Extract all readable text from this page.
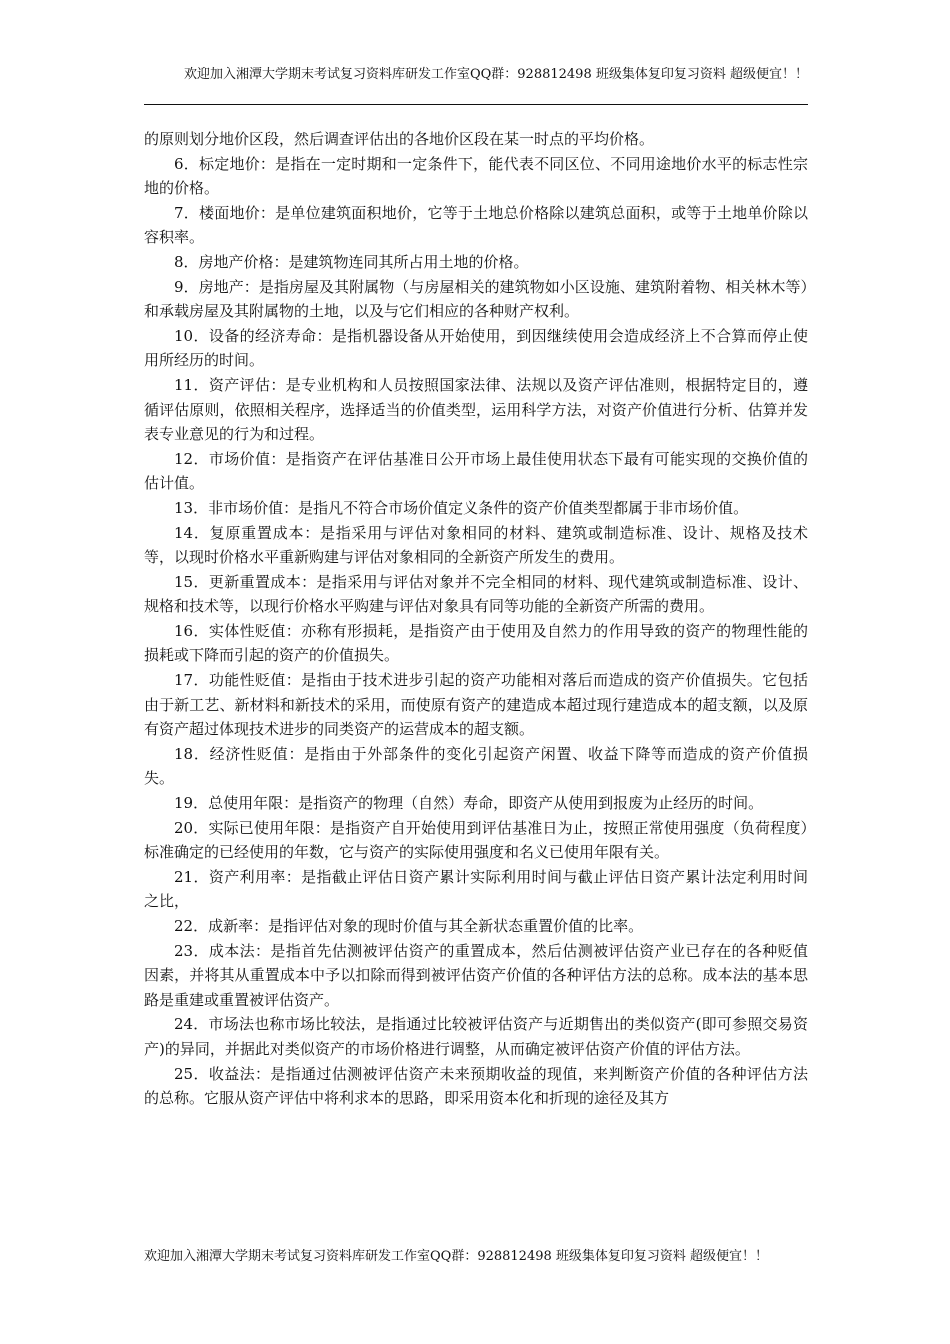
欢迎加入湘潭大学期末考试复习资料库研发工作室QQ群：928812498 班级集体复印复习资料 超级便宜！！

的原则划分地价区段，然后调查评估出的各地价区段在某一时点的平均价格。

6．标定地价：是指在一定时期和一定条件下，能代表不同区位、不同用途地价水平的标志性宗地的价格。

7．楼面地价：是单位建筑面积地价，它等于土地总价格除以建筑总面积，或等于土地单价除以容积率。

8．房地产价格：是建筑物连同其所占用土地的价格。

9．房地产：是指房屋及其附属物（与房屋相关的建筑物如小区设施、建筑附着物、相关林木等）和承载房屋及其附属物的土地，以及与它们相应的各种财产权利。

10．设备的经济寿命：是指机器设备从开始使用，到因继续使用会造成经济上不合算而停止使用所经历的时间。

11．资产评估：是专业机构和人员按照国家法律、法规以及资产评估准则，根据特定目的，遵循评估原则，依照相关程序，选择适当的价值类型，运用科学方法，对资产价值进行分析、估算并发表专业意见的行为和过程。

12．市场价值：是指资产在评估基准日公开市场上最佳使用状态下最有可能实现的交换价值的估计值。

13．非市场价值：是指凡不符合市场价值定义条件的资产价值类型都属于非市场价值。

14．复原重置成本：是指采用与评估对象相同的材料、建筑或制造标准、设计、规格及技术等，以现时价格水平重新购建与评估对象相同的全新资产所发生的费用。

15．更新重置成本：是指采用与评估对象并不完全相同的材料、现代建筑或制造标准、设计、规格和技术等，以现行价格水平购建与评估对象具有同等功能的全新资产所需的费用。

16．实体性贬值：亦称有形损耗，是指资产由于使用及自然力的作用导致的资产的物理性能的损耗或下降而引起的资产的价值损失。

17．功能性贬值：是指由于技术进步引起的资产功能相对落后而造成的资产价值损失。它包括由于新工艺、新材料和新技术的采用，而使原有资产的建造成本超过现行建造成本的超支额，以及原有资产超过体现技术进步的同类资产的运营成本的超支额。

18．经济性贬值：是指由于外部条件的变化引起资产闲置、收益下降等而造成的资产价值损失。

19．总使用年限：是指资产的物理（自然）寿命，即资产从使用到报废为止经历的时间。

20．实际已使用年限：是指资产自开始使用到评估基准日为止，按照正常使用强度（负荷程度）标准确定的已经使用的年数，它与资产的实际使用强度和名义已使用年限有关。

21．资产利用率：是指截止评估日资产累计实际利用时间与截止评估日资产累计法定利用时间之比，

22．成新率：是指评估对象的现时价值与其全新状态重置价值的比率。

23．成本法：是指首先估测被评估资产的重置成本，然后估测被评估资产业已存在的各种贬值因素，并将其从重置成本中予以扣除而得到被评估资产价值的各种评估方法的总称。成本法的基本思路是重建或重置被评估资产。

24．市场法也称市场比较法，是指通过比较被评估资产与近期售出的类似资产(即可参照交易资产)的异同，并据此对类似资产的市场价格进行调整，从而确定被评估资产价值的评估方法。

25．收益法：是指通过估测被评估资产未来预期收益的现值，来判断资产价值的各种评估方法的总称。它服从资产评估中将利求本的思路，即采用资本化和折现的途径及其方

欢迎加入湘潭大学期末考试复习资料库研发工作室QQ群：928812498 班级集体复印复习资料 超级便宜！！
